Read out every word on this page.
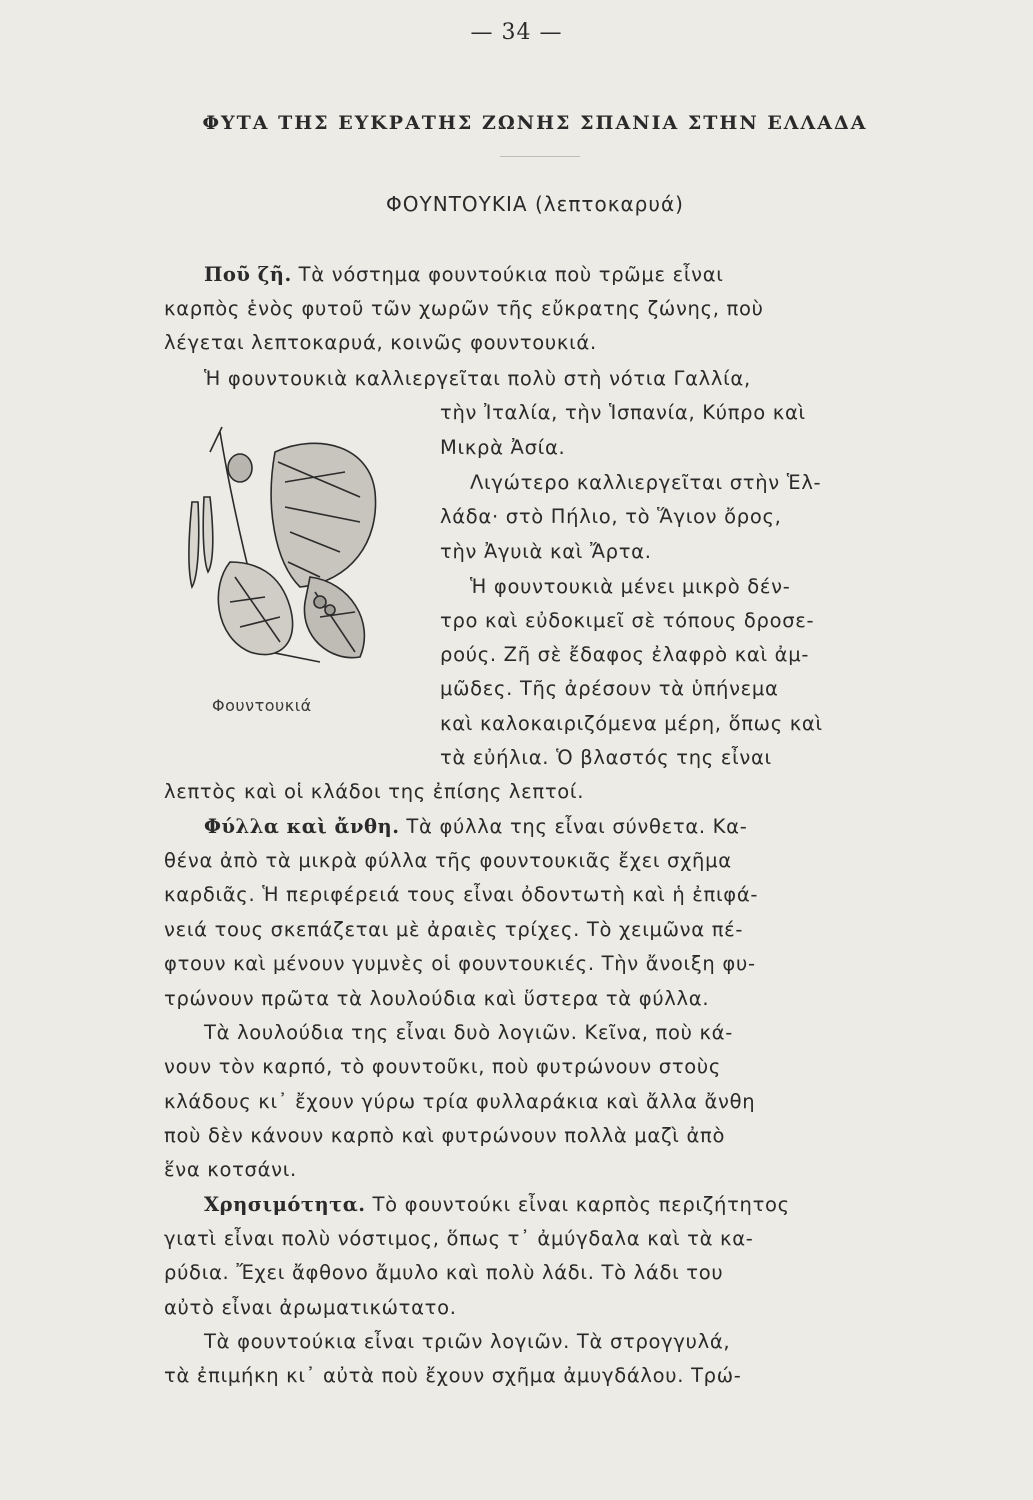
— 34 —
ΦΥΤΑ ΤΗΣ ΕΥΚΡΑΤΗΣ ΖΩΝΗΣ ΣΠΑΝΙΑ ΣΤΗΝ ΕΛΛΑΔΑ
ΦΟΥΝΤΟΥΚΙΑ (λεπτοκαρυά)
Φουντουκιά
Ποῦ ζῆ. Τὰ νόστημα φουντούκια ποὺ τρῶμε εἶναι
καρπὸς ἑνὸς φυτοῦ τῶν χωρῶν τῆς εὔκρατης ζώνης, ποὺ
λέγεται λεπτοκαρυά, κοινῶς φουντουκιά.
Ἡ φουντουκιὰ καλλιεργεῖται πολὺ στὴ νότια Γαλλία,
τὴν Ἰταλία, τὴν Ἱσπανία, Κύπρο καὶ
Μικρὰ Ἀσία.
Λιγώτερο καλλιεργεῖται στὴν Ἑλ-
λάδα· στὸ Πήλιο, τὸ Ἅγιον ὄρος,
τὴν Ἀγυιὰ καὶ Ἄρτα.
Ἡ φουντουκιὰ μένει μικρὸ δέν-
τρο καὶ εὐδοκιμεῖ σὲ τόπους δροσε-
ρούς. Ζῆ σὲ ἔδαφος ἐλαφρὸ καὶ ἀμ-
μῶδες. Τῆς ἀρέσουν τὰ ὑπήνεμα
καὶ καλοκαιριζόμενα μέρη, ὅπως καὶ
τὰ εὐήλια. Ὁ βλαστός της εἶναι
λεπτὸς καὶ οἱ κλάδοι της ἐπίσης λεπτοί.
Φύλλα καὶ ἄνθη. Τὰ φύλλα της εἶναι σύνθετα. Κα-
θένα ἀπὸ τὰ μικρὰ φύλλα τῆς φουντουκιᾶς ἔχει σχῆμα
καρδιᾶς. Ἡ περιφέρειά τους εἶναι ὀδοντωτὴ καὶ ἡ ἐπιφά-
νειά τους σκεπάζεται μὲ ἀραιὲς τρίχες. Τὸ χειμῶνα πέ-
φτουν καὶ μένουν γυμνὲς οἱ φουντουκιές. Τὴν ἄνοιξη φυ-
τρώνουν πρῶτα τὰ λουλούδια καὶ ὕστερα τὰ φύλλα.
Τὰ λουλούδια της εἶναι δυὸ λογιῶν. Κεῖνα, ποὺ κά-
νουν τὸν καρπό, τὸ φουντοῦκι, ποὺ φυτρώνουν στοὺς
κλάδους κι᾿ ἔχουν γύρω τρία φυλλαράκια καὶ ἄλλα ἄνθη
ποὺ δὲν κάνουν καρπὸ καὶ φυτρώνουν πολλὰ μαζὶ ἀπὸ
ἕνα κοτσάνι.
Χρησιμότητα. Τὸ φουντούκι εἶναι καρπὸς περιζήτητος
γιατὶ εἶναι πολὺ νόστιμος, ὅπως τ᾿ ἀμύγδαλα καὶ τὰ κα-
ρύδια. Ἔχει ἄφθονο ἄμυλο καὶ πολὺ λάδι. Τὸ λάδι του
αὐτὸ εἶναι ἀρωματικώτατο.
Τὰ φουντούκια εἶναι τριῶν λογιῶν. Τὰ στρογγυλά,
τὰ ἐπιμήκη κι᾿ αὐτὰ ποὺ ἔχουν σχῆμα ἀμυγδάλου. Τρώ-
